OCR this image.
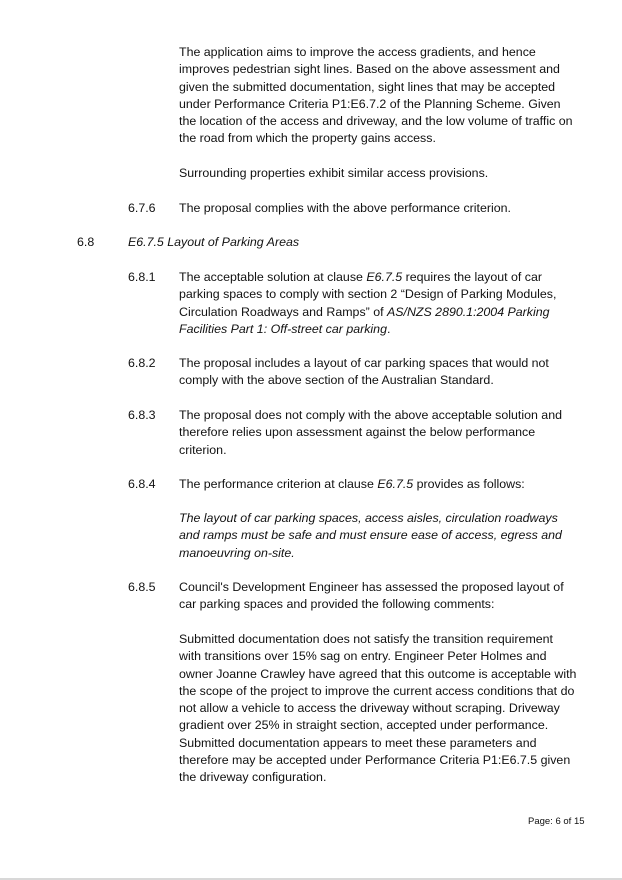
The application aims to improve the access gradients, and hence improves pedestrian sight lines. Based on the above assessment and given the submitted documentation, sight lines that may be accepted under Performance Criteria P1:E6.7.2 of the Planning Scheme. Given the location of the access and driveway, and the low volume of traffic on the road from which the property gains access.

Surrounding properties exhibit similar access provisions.

6.7.6 The proposal complies with the above performance criterion.

6.8	E6.7.5 Layout of Parking Areas

6.8.1 The acceptable solution at clause E6.7.5 requires the layout of car parking spaces to comply with section 2 “Design of Parking Modules, Circulation Roadways and Ramps” of AS/NZS 2890.1:2004 Parking Facilities Part 1: Off-street car parking.

6.8.2 The proposal includes a layout of car parking spaces that would not comply with the above section of the Australian Standard.

6.8.3 The proposal does not comply with the above acceptable solution and therefore relies upon assessment against the below performance criterion.

6.8.4 The performance criterion at clause E6.7.5 provides as follows:

The layout of car parking spaces, access aisles, circulation roadways and ramps must be safe and must ensure ease of access, egress and manoeuvring on-site.

6.8.5 Council's Development Engineer has assessed the proposed layout of car parking spaces and provided the following comments:

Submitted documentation does not satisfy the transition requirement with transitions over 15% sag on entry. Engineer Peter Holmes and owner Joanne Crawley have agreed that this outcome is acceptable with the scope of the project to improve the current access conditions that do not allow a vehicle to access the driveway without scraping. Driveway gradient over 25% in straight section, accepted under performance. Submitted documentation appears to meet these parameters and therefore may be accepted under Performance Criteria P1:E6.7.5 given the driveway configuration.

Page: 6 of 15
